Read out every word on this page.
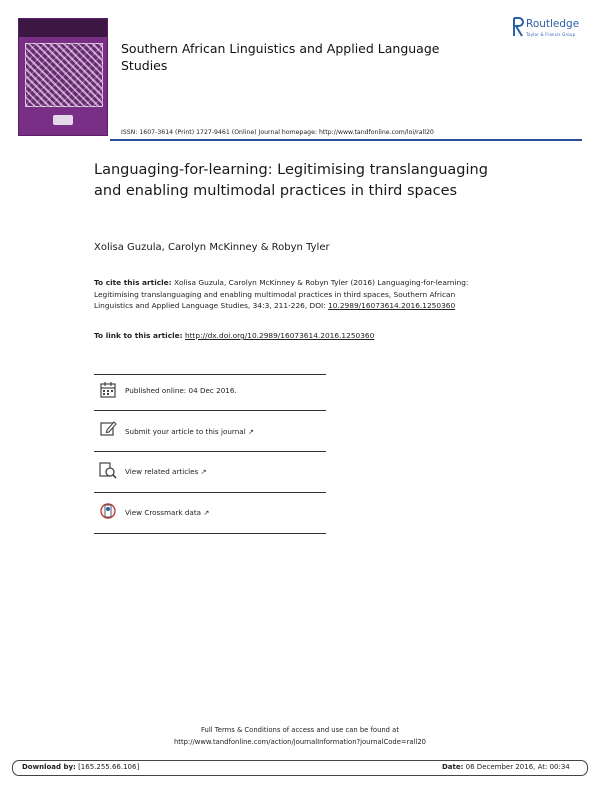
Southern African Linguistics and Applied Language Studies
Routledge
Taylor & Francis Group
ISSN: 1607-3614 (Print) 1727-9461 (Online) Journal homepage: http://www.tandfonline.com/loi/rall20
Languaging-for-learning: Legitimising translanguaging and enabling multimodal practices in third spaces
Xolisa Guzula, Carolyn McKinney & Robyn Tyler
To cite this article: Xolisa Guzula, Carolyn McKinney & Robyn Tyler (2016) Languaging-for-learning: Legitimising translanguaging and enabling multimodal practices in third spaces, Southern African Linguistics and Applied Language Studies, 34:3, 211-226, DOI: 10.2989/16073614.2016.1250360
To link to this article: http://dx.doi.org/10.2989/16073614.2016.1250360
Published online: 04 Dec 2016.
Submit your article to this journal ↗
View related articles ↗
View Crossmark data ↗
Full Terms & Conditions of access and use can be found at
http://www.tandfonline.com/action/journalInformation?journalCode=rall20
Download by: [165.255.66.106]	Date: 06 December 2016, At: 00:34
